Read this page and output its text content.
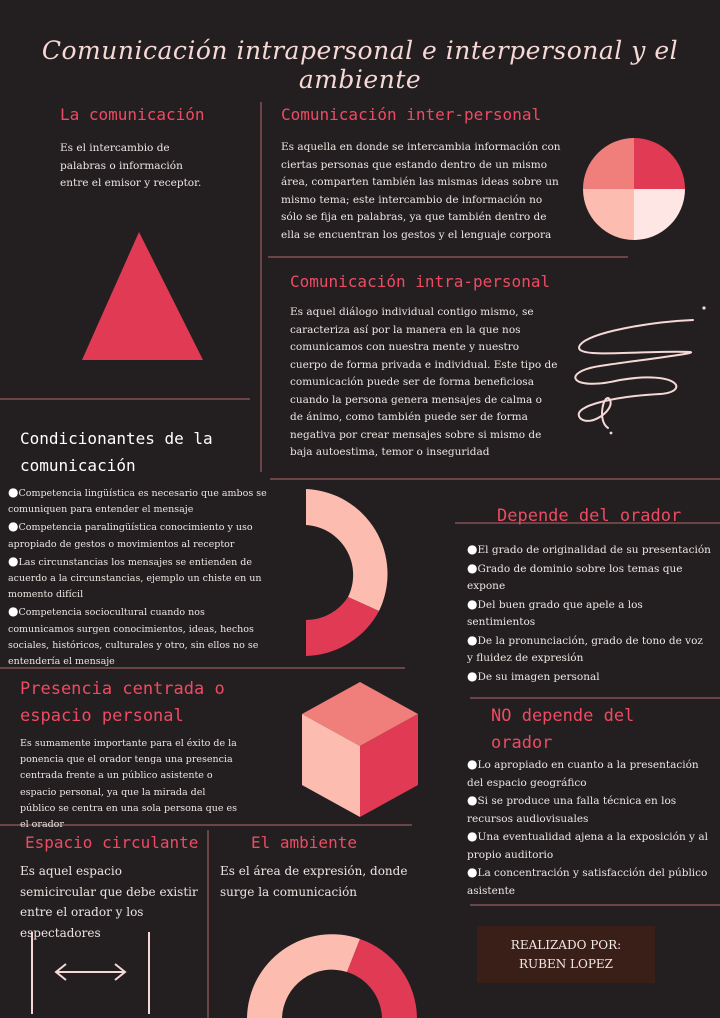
Comunicación intrapersonal e interpersonal y el ambiente
La comunicación
Es el intercambio de palabras o información entre el emisor y receptor.
Comunicación inter-personal
Es aquella en donde se intercambia información con ciertas personas que estando dentro de un mismo área, comparten también las mismas ideas sobre un mismo tema; este intercambio de información no sólo se fija en palabras, ya que también dentro de ella se encuentran los gestos y el lenguaje corpora
Comunicación intra-personal
Es aquel diálogo individual contigo mismo, se caracteriza así por la manera en la que nos comunicamos con nuestra mente y nuestro cuerpo de forma privada e individual. Este tipo de comunicación puede ser de forma beneficiosa cuando la persona genera mensajes de calma o de ánimo, como también puede ser de forma negativa por crear mensajes sobre si mismo de baja autoestima, temor o inseguridad
Condicionantes de la
comunicación
● Competencia lingüística es necesario que ambos se comuniquen para entender el mensaje
● Competencia paralingüística conocimiento y uso apropiado de gestos o movimientos al receptor
● Las circunstancias los mensajes se entienden de acuerdo a la circunstancias, ejemplo un chiste en un momento difícil
● Competencia sociocultural cuando nos comunicamos surgen conocimientos, ideas, hechos sociales, históricos, culturales y otro, sin ellos no se entendería el mensaje
Depende del orador
● El grado de originalidad de su presentación
● Grado de dominio sobre los temas que expone
● Del buen grado que apele a los sentimientos
● De la pronunciación, grado de tono de voz y fluidez de expresión
● De su imagen personal
Presencia centrada o
espacio personal
Es sumamente importante para el éxito de la ponencia que el orador tenga una presencia centrada frente a un público asistente o espacio personal, ya que la mirada del público se centra en una sola persona que es el orador
NO depende del
orador
● Lo apropiado en cuanto a la presentación del espacio geográfico
● Si se produce una falla técnica en los recursos audiovisuales
● Una eventualidad ajena a la exposición y al propio auditorio
● La concentración y satisfacción del público asistente
Espacio circulante
Es aquel espacio semicircular que debe existir entre el orador y los espectadores
El ambiente
Es el área de expresión, donde surge la comunicación
REALIZADO POR:
RUBEN LOPEZ
